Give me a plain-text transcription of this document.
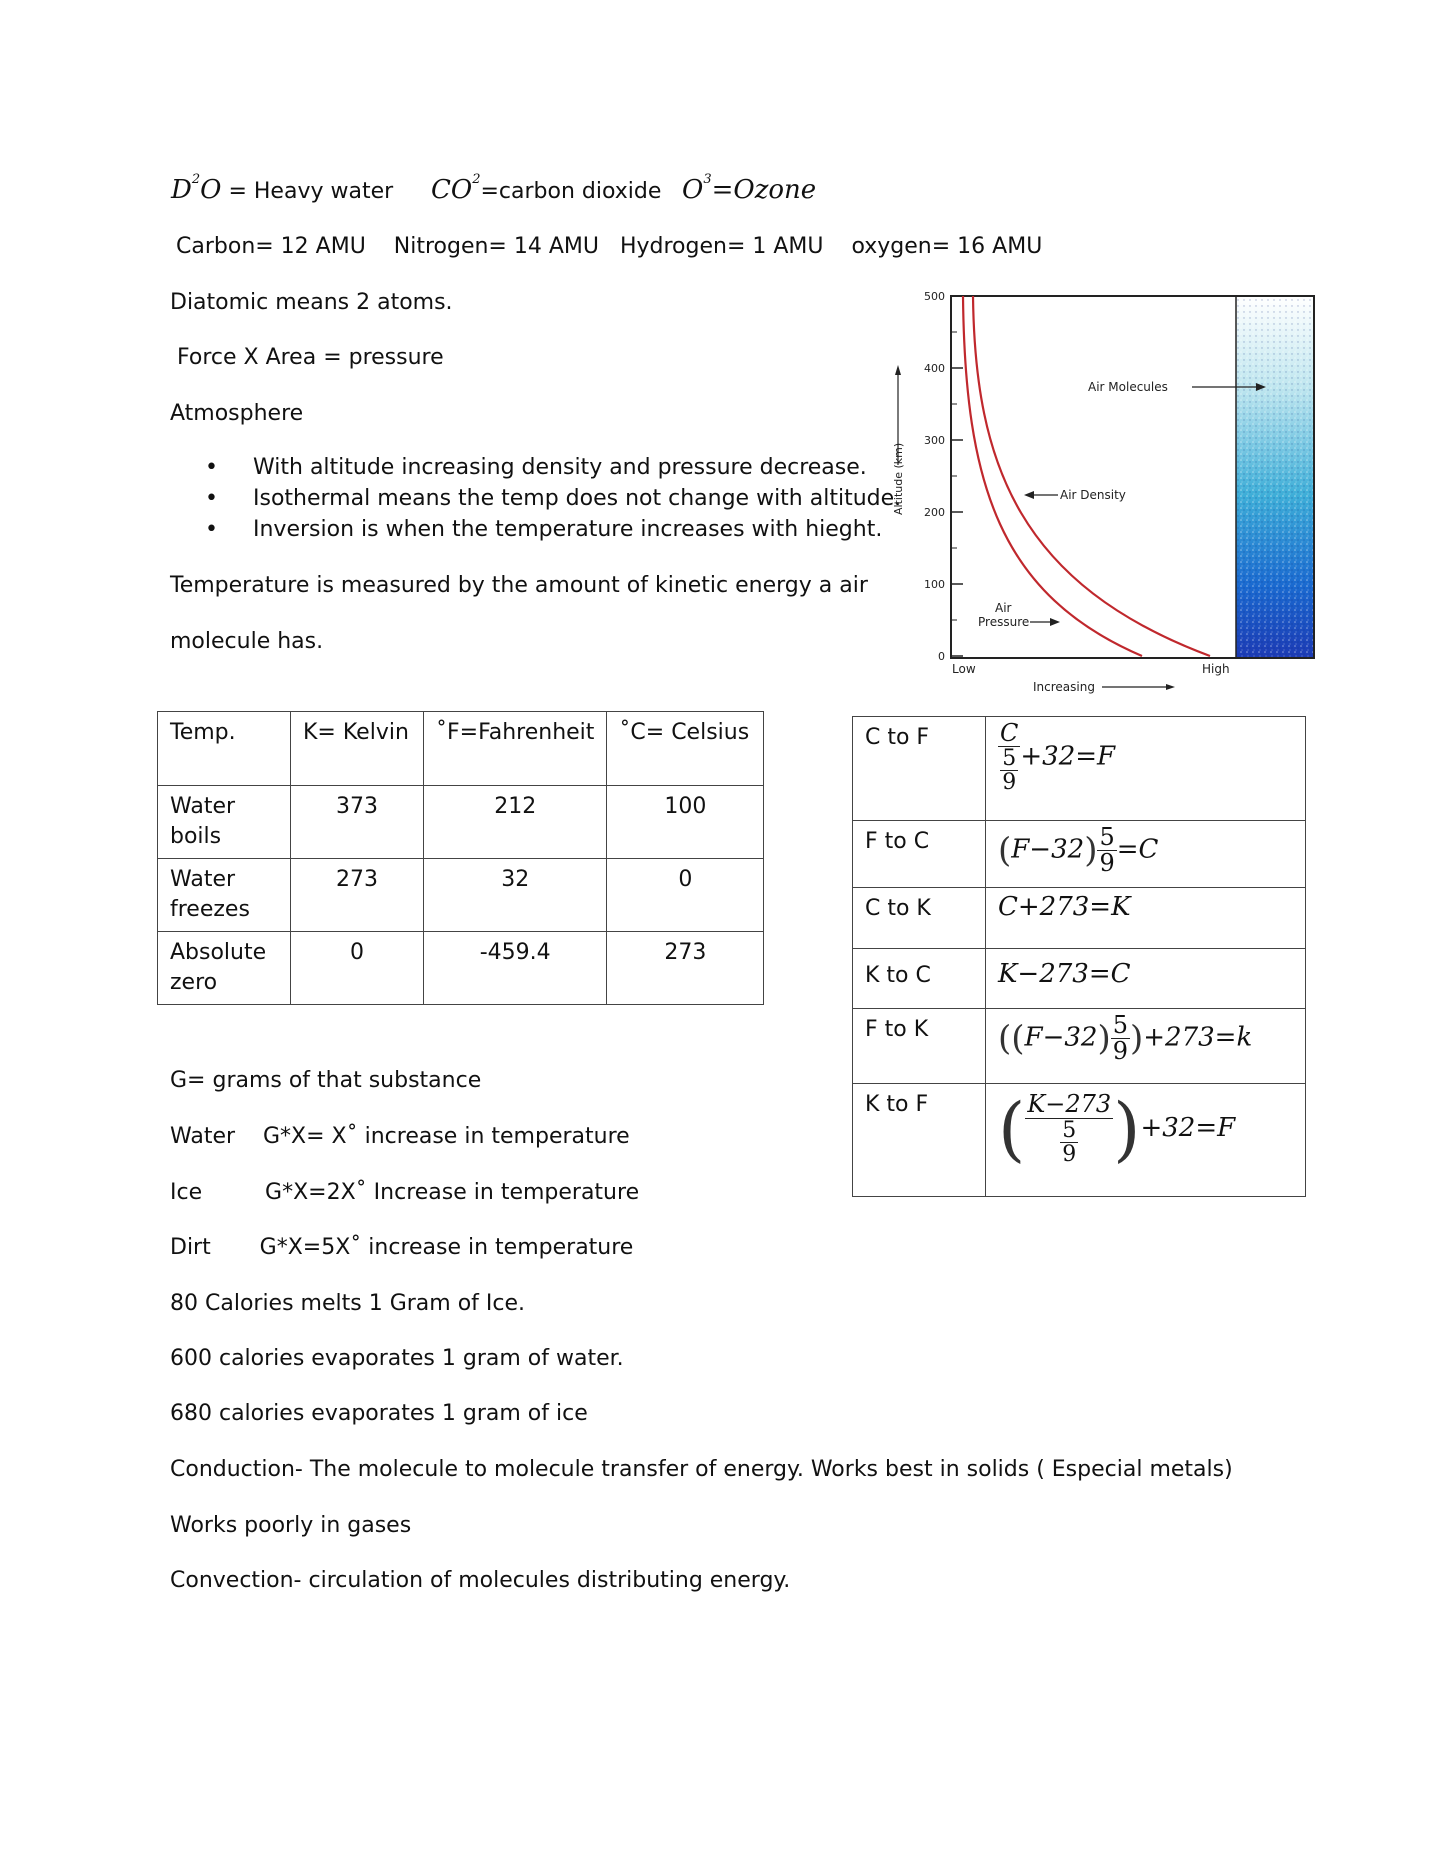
$D^2O$ = Heavy water $CO^2=carbon$ dioxide $O^3=Ozone$
Carbon= 12 AMU    Nitrogen= 14 AMU   Hydrogen= 1 AMU    oxygen= 16 AMU
Diatomic means 2 atoms.
Force X Area = pressure
Atmosphere
• With altitude increasing density and pressure decrease.
• Isothermal means the temp does not change with altitude.
• Inversion is when the temperature increases with hieght.
Temperature is measured by the amount of kinetic energy a air
molecule has.
0
100
200
300
400
500
Altitude (km)
Air Molecules
Air Density
Air
Pressure
Low	High
Increasing
Temp.	K= Kelvin	˚F=Fahrenheit	˚C= Celsius
Water boils	373	212	100
Water freezes	273	32	0
Absolute zero	0	-459.4	273
C to F	$\frac{C}{\frac{5}{9}} +32=F$
F to C	$(F-32) \frac{5}{9} =C$
C to K	C+273=K
K to C	K−273=C
F to K	$((F-32) \frac{5}{9} )+273=k$
K to F	( $\frac{K-273}{\frac{5}{9}} )+32=F$
G= grams of that substance
Water    G*X= X˚ increase in temperature
Ice         G*X=2X˚ Increase in temperature
Dirt       G*X=5X˚ increase in temperature
80 Calories melts 1 Gram of Ice.
600 calories evaporates 1 gram of water.
680 calories evaporates 1 gram of ice
Conduction- The molecule to molecule transfer of energy. Works best in solids ( Especial metals)
Works poorly in gases
Convection- circulation of molecules distributing energy.
